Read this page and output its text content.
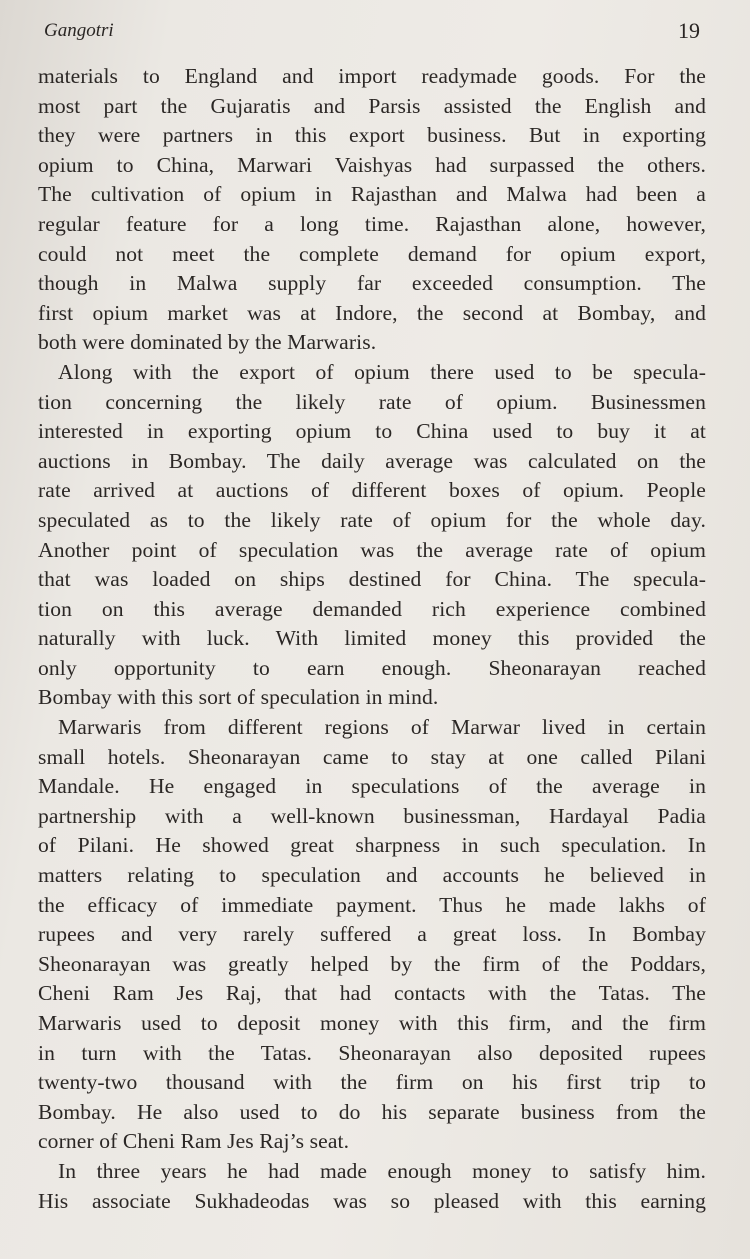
Gangotri	19
materials to England and import readymade goods. For the
most part the Gujaratis and Parsis assisted the English and
they were partners in this export business. But in exporting
opium to China, Marwari Vaishyas had surpassed the others.
The cultivation of opium in Rajasthan and Malwa had been a
regular feature for a long time. Rajasthan alone, however,
could not meet the complete demand for opium export,
though in Malwa supply far exceeded consumption. The
first opium market was at Indore, the second at Bombay, and
both were dominated by the Marwaris.
Along with the export of opium there used to be specula-
tion concerning the likely rate of opium. Businessmen
interested in exporting opium to China used to buy it at
auctions in Bombay. The daily average was calculated on the
rate arrived at auctions of different boxes of opium. People
speculated as to the likely rate of opium for the whole day.
Another point of speculation was the average rate of opium
that was loaded on ships destined for China. The specula-
tion on this average demanded rich experience combined
naturally with luck. With limited money this provided the
only opportunity to earn enough. Sheonarayan reached
Bombay with this sort of speculation in mind.
Marwaris from different regions of Marwar lived in certain
small hotels. Sheonarayan came to stay at one called Pilani
Mandale. He engaged in speculations of the average in
partnership with a well-known businessman, Hardayal Padia
of Pilani. He showed great sharpness in such speculation. In
matters relating to speculation and accounts he believed in
the efficacy of immediate payment. Thus he made lakhs of
rupees and very rarely suffered a great loss. In Bombay
Sheonarayan was greatly helped by the firm of the Poddars,
Cheni Ram Jes Raj, that had contacts with the Tatas. The
Marwaris used to deposit money with this firm, and the firm
in turn with the Tatas. Sheonarayan also deposited rupees
twenty-two thousand with the firm on his first trip to
Bombay. He also used to do his separate business from the
corner of Cheni Ram Jes Raj’s seat.
In three years he had made enough money to satisfy him.
His associate Sukhadeodas was so pleased with this earning
